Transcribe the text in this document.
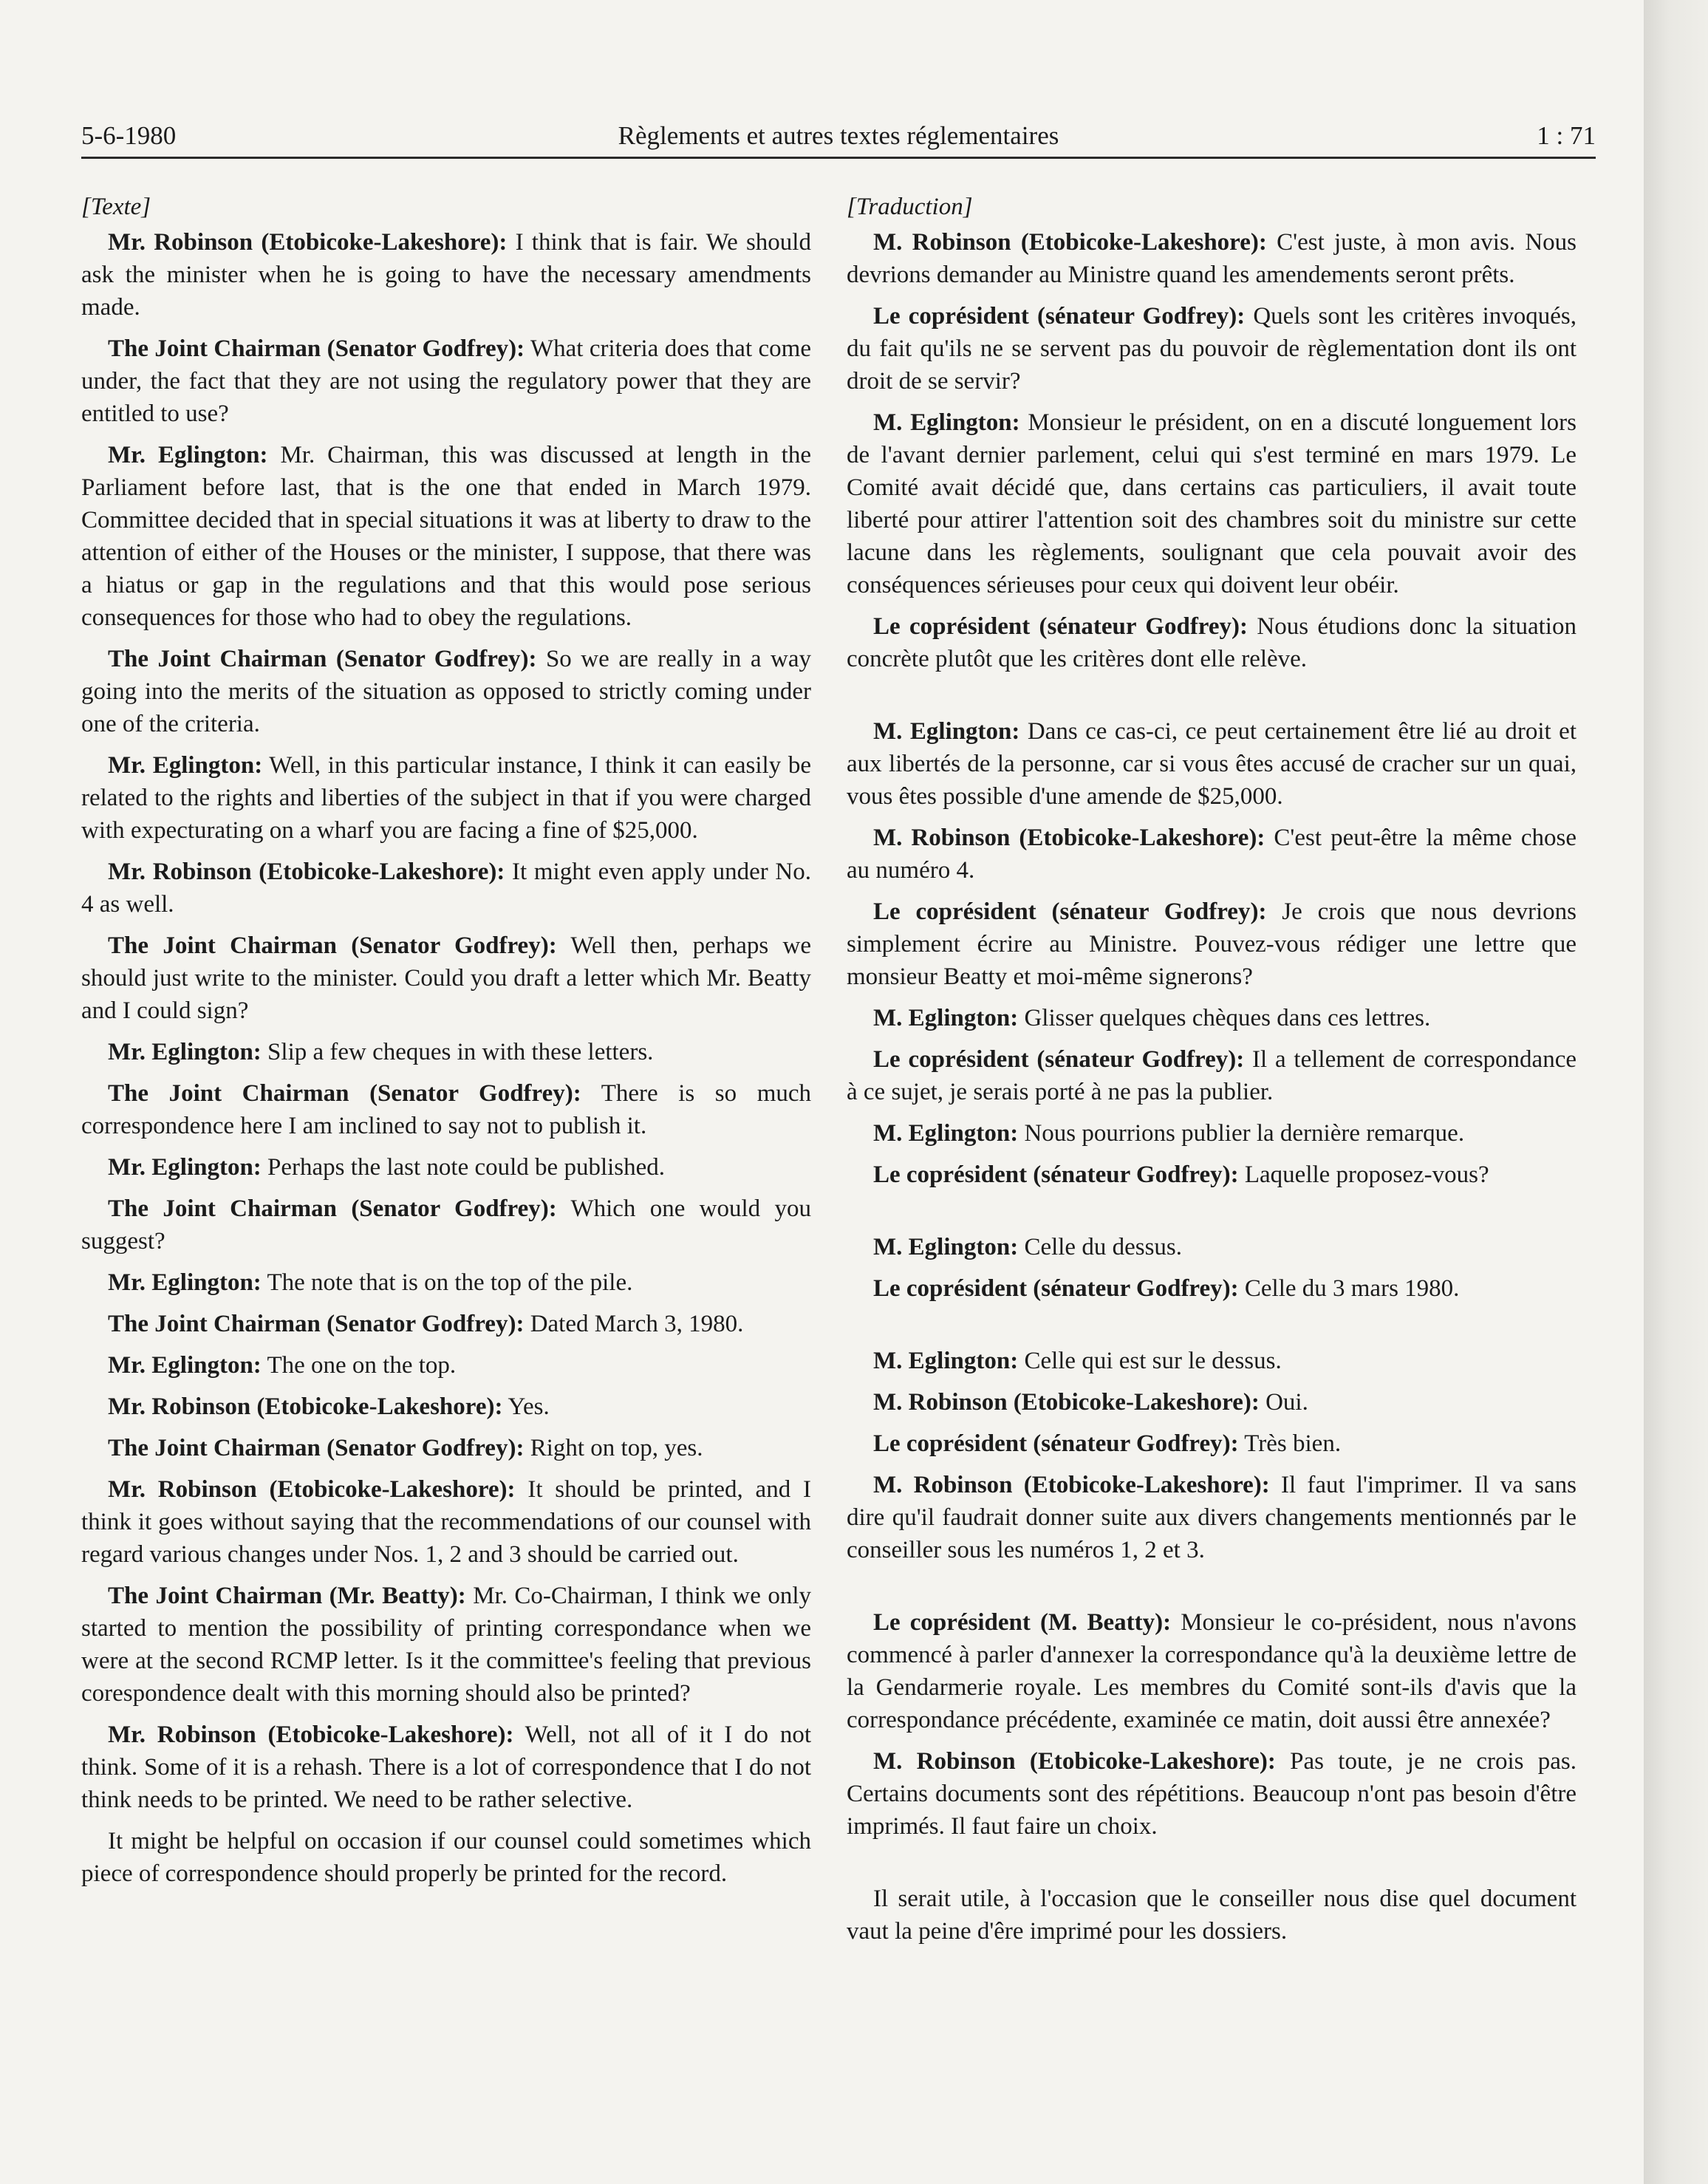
5-6-1980	Règlements et autres textes réglementaires	1 : 71

[Texte]

Mr. Robinson (Etobicoke-Lakeshore): I think that is fair. We should ask the minister when he is going to have the necessary amendments made.

The Joint Chairman (Senator Godfrey): What criteria does that come under, the fact that they are not using the regulatory power that they are entitled to use?

Mr. Eglington: Mr. Chairman, this was discussed at length in the Parliament before last, that is the one that ended in March 1979. Committee decided that in special situations it was at liberty to draw to the attention of either of the Houses or the minister, I suppose, that there was a hiatus or gap in the regulations and that this would pose serious consequences for those who had to obey the regulations.

The Joint Chairman (Senator Godfrey): So we are really in a way going into the merits of the situation as opposed to strictly coming under one of the criteria.

Mr. Eglington: Well, in this particular instance, I think it can easily be related to the rights and liberties of the subject in that if you were charged with expecturating on a wharf you are facing a fine of $25,000.

Mr. Robinson (Etobicoke-Lakeshore): It might even apply under No. 4 as well.

The Joint Chairman (Senator Godfrey): Well then, perhaps we should just write to the minister. Could you draft a letter which Mr. Beatty and I could sign?

Mr. Eglington: Slip a few cheques in with these letters.

The Joint Chairman (Senator Godfrey): There is so much correspondence here I am inclined to say not to publish it.

Mr. Eglington: Perhaps the last note could be published.

The Joint Chairman (Senator Godfrey): Which one would you suggest?

Mr. Eglington: The note that is on the top of the pile.

The Joint Chairman (Senator Godfrey): Dated March 3, 1980.

Mr. Eglington: The one on the top.

Mr. Robinson (Etobicoke-Lakeshore): Yes.

The Joint Chairman (Senator Godfrey): Right on top, yes.

Mr. Robinson (Etobicoke-Lakeshore): It should be printed, and I think it goes without saying that the recommendations of our counsel with regard various changes under Nos. 1, 2 and 3 should be carried out.

The Joint Chairman (Mr. Beatty): Mr. Co-Chairman, I think we only started to mention the possibility of printing correspondance when we were at the second RCMP letter. Is it the committee's feeling that previous corespondence dealt with this morning should also be printed?

Mr. Robinson (Etobicoke-Lakeshore): Well, not all of it I do not think. Some of it is a rehash. There is a lot of correspondence that I do not think needs to be printed. We need to be rather selective.

It might be helpful on occasion if our counsel could sometimes which piece of correspondence should properly be printed for the record.

[Traduction]

M. Robinson (Etobicoke-Lakeshore): C'est juste, à mon avis. Nous devrions demander au Ministre quand les amendements seront prêts.

Le coprésident (sénateur Godfrey): Quels sont les critères invoqués, du fait qu'ils ne se servent pas du pouvoir de règlementation dont ils ont droit de se servir?

M. Eglington: Monsieur le président, on en a discuté longuement lors de l'avant dernier parlement, celui qui s'est terminé en mars 1979. Le Comité avait décidé que, dans certains cas particuliers, il avait toute liberté pour attirer l'attention soit des chambres soit du ministre sur cette lacune dans les règlements, soulignant que cela pouvait avoir des conséquences sérieuses pour ceux qui doivent leur obéir.

Le coprésident (sénateur Godfrey): Nous étudions donc la situation concrète plutôt que les critères dont elle relève.

M. Eglington: Dans ce cas-ci, ce peut certainement être lié au droit et aux libertés de la personne, car si vous êtes accusé de cracher sur un quai, vous êtes possible d'une amende de $25,000.

M. Robinson (Etobicoke-Lakeshore): C'est peut-être la même chose au numéro 4.

Le coprésident (sénateur Godfrey): Je crois que nous devrions simplement écrire au Ministre. Pouvez-vous rédiger une lettre que monsieur Beatty et moi-même signerons?

M. Eglington: Glisser quelques chèques dans ces lettres.

Le coprésident (sénateur Godfrey): Il a tellement de correspondance à ce sujet, je serais porté à ne pas la publier.

M. Eglington: Nous pourrions publier la dernière remarque.

Le coprésident (sénateur Godfrey): Laquelle proposez-vous?

M. Eglington: Celle du dessus.

Le coprésident (sénateur Godfrey): Celle du 3 mars 1980.

M. Eglington: Celle qui est sur le dessus.

M. Robinson (Etobicoke-Lakeshore): Oui.

Le coprésident (sénateur Godfrey): Très bien.

M. Robinson (Etobicoke-Lakeshore): Il faut l'imprimer. Il va sans dire qu'il faudrait donner suite aux divers changements mentionnés par le conseiller sous les numéros 1, 2 et 3.

Le coprésident (M. Beatty): Monsieur le co-président, nous n'avons commencé à parler d'annexer la correspondance qu'à la deuxième lettre de la Gendarmerie royale. Les membres du Comité sont-ils d'avis que la correspondance précédente, examinée ce matin, doit aussi être annexée?

M. Robinson (Etobicoke-Lakeshore): Pas toute, je ne crois pas. Certains documents sont des répétitions. Beaucoup n'ont pas besoin d'être imprimés. Il faut faire un choix.

Il serait utile, à l'occasion que le conseiller nous dise quel document vaut la peine d'êre imprimé pour les dossiers.
